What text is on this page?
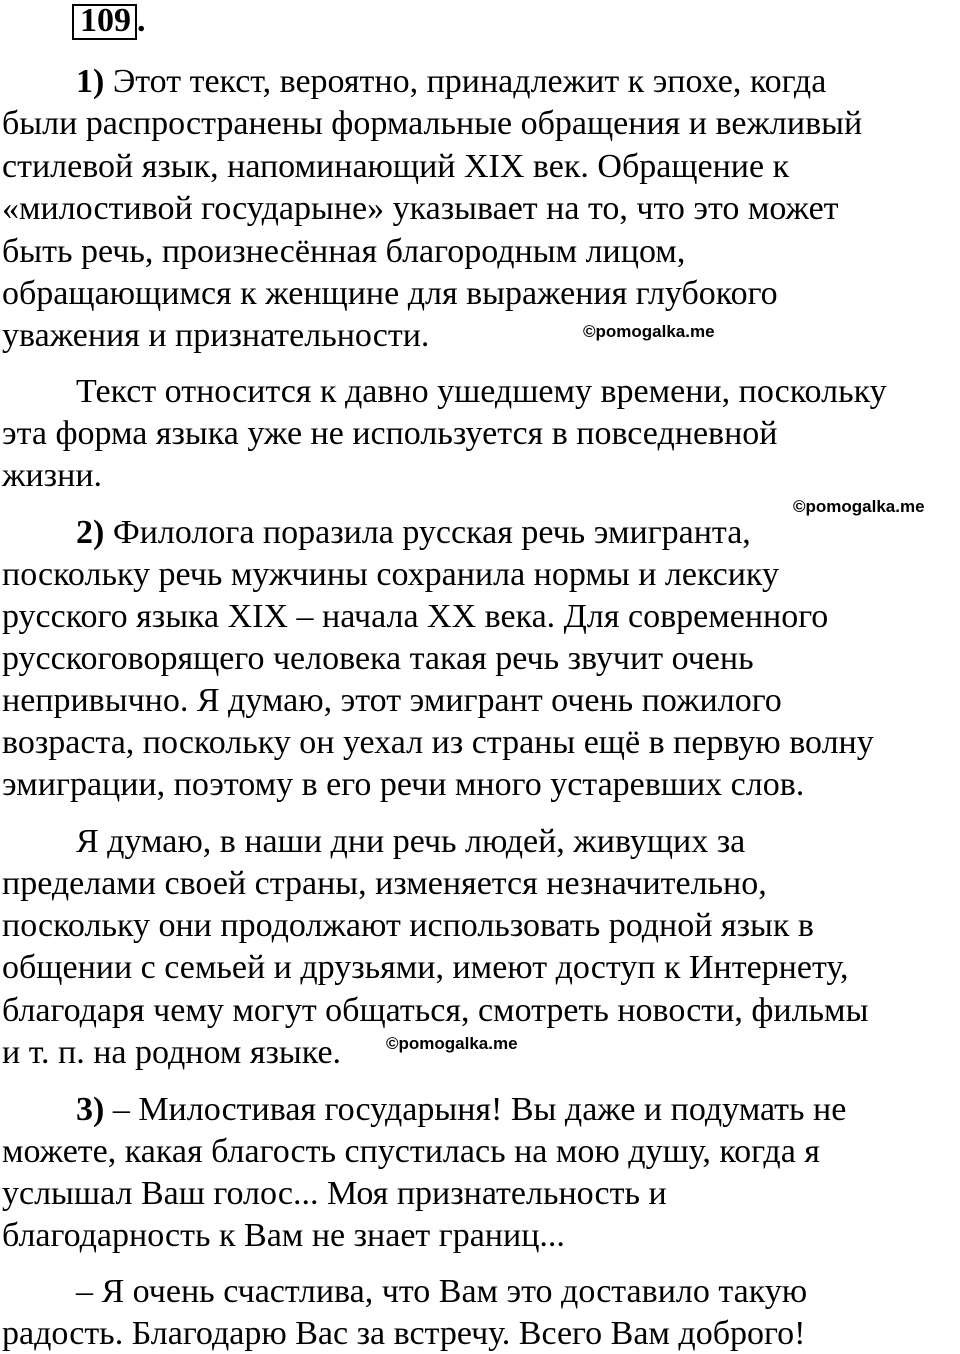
109 .
1) Этот текст, вероятно, принадлежит к эпохе, когда
были распространены формальные обращения и вежливый
стилевой язык, напоминающий XIX век. Обращение к
«милостивой государыне» указывает на то, что это может
быть речь, произнесённая благородным лицом,
обращающимся к женщине для выражения глубокого
уважения и признательности.	©pomogalka.me
Текст относится к давно ушедшему времени, поскольку
эта форма языка уже не используется в повседневной
жизни.
©pomogalka.me
2) Филолога поразила русская речь эмигранта,
поскольку речь мужчины сохранила нормы и лексику
русского языка XIX – начала XX века. Для современного
русскоговорящего человека такая речь звучит очень
непривычно. Я думаю, этот эмигрант очень пожилого
возраста, поскольку он уехал из страны ещё в первую волну
эмиграции, поэтому в его речи много устаревших слов.
Я думаю, в наши дни речь людей, живущих за
пределами своей страны, изменяется незначительно,
поскольку они продолжают использовать родной язык в
общении с семьей и друзьями, имеют доступ к Интернету,
благодаря чему могут общаться, смотреть новости, фильмы
и т. п. на родном языке.	©pomogalka.me
3) – Милостивая государыня! Вы даже и подумать не
можете, какая благость спустилась на мою душу, когда я
услышал Ваш голос... Моя признательность и
благодарность к Вам не знает границ...
– Я очень счастлива, что Вам это доставило такую
радость. Благодарю Вас за встречу. Всего Вам доброго!
